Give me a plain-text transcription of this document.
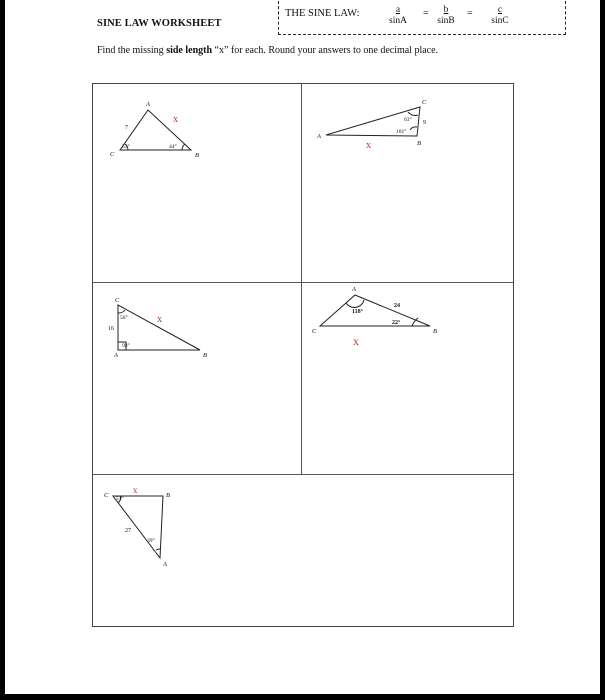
SINE LAW WORKSHEET
THE SINE LAW:	$\frac{a}{\sin A} = \frac{b}{\sin B} = \frac{c}{\sin C}$
Find the missing side length “x” for each. Round your answers to one decimal place.
A
B
C
7
53°	44°
x
A
B
C
9
63°
101°
x
A	B
C
16
56°
93°
x
A
B
C
24
118°
22°
x
A
B
C
27
51°
39°
x
